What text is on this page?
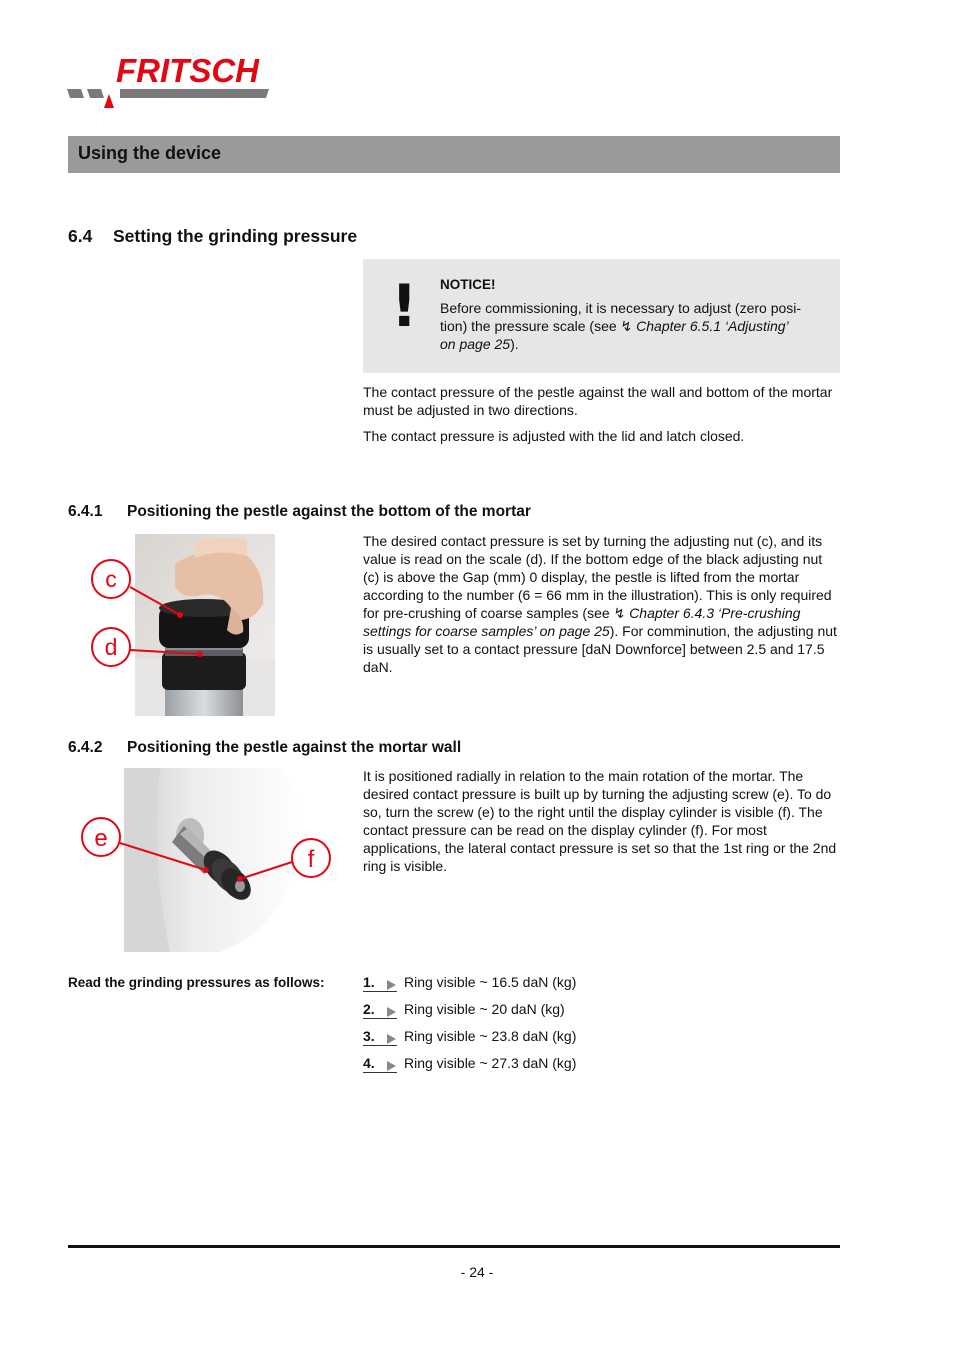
FRITSCH
Using the device
6.4 Setting the grinding pressure
! NOTICE!
Before commissioning, it is necessary to adjust (zero posi-
tion) the pressure scale (see ↯ Chapter 6.5.1 ‘Adjusting’
on page 25).

The contact pressure of the pestle against the wall and bottom of the mortar must be adjusted in two directions.

The contact pressure is adjusted with the lid and latch closed.

6.4.1 Positioning the pestle against the bottom of the mortar
c
d

The desired contact pressure is set by turning the adjusting nut (c), and its value is read on the scale (d). If the bottom edge of the black adjusting nut (c) is above the Gap (mm) 0 display, the pestle is lifted from the mortar according to the number (6 = 66 mm in the illustration). This is only required for pre-crushing of coarse samples (see ↯ Chapter 6.4.3 ‘Pre-crushing settings for coarse samples’ on page 25). For comminution, the adjusting nut is usually set to a contact pressure [daN Downforce] between 2.5 and 17.5 daN.

6.4.2 Positioning the pestle against the mortar wall
e
f

It is positioned radially in relation to the main rotation of the mortar. The desired contact pressure is built up by turning the adjusting screw (e). To do so, turn the screw (e) to the right until the display cylinder is visible (f). The contact pressure can be read on the display cylinder (f). For most applications, the lateral contact pressure is set so that the 1st ring or the 2nd ring is visible.

Read the grinding pressures as follows:	1.	Ring visible ~ 16.5 daN (kg)
2.	Ring visible ~ 20 daN (kg)
3.	Ring visible ~ 23.8 daN (kg)
4.	Ring visible ~ 27.3 daN (kg)
- 24 -
